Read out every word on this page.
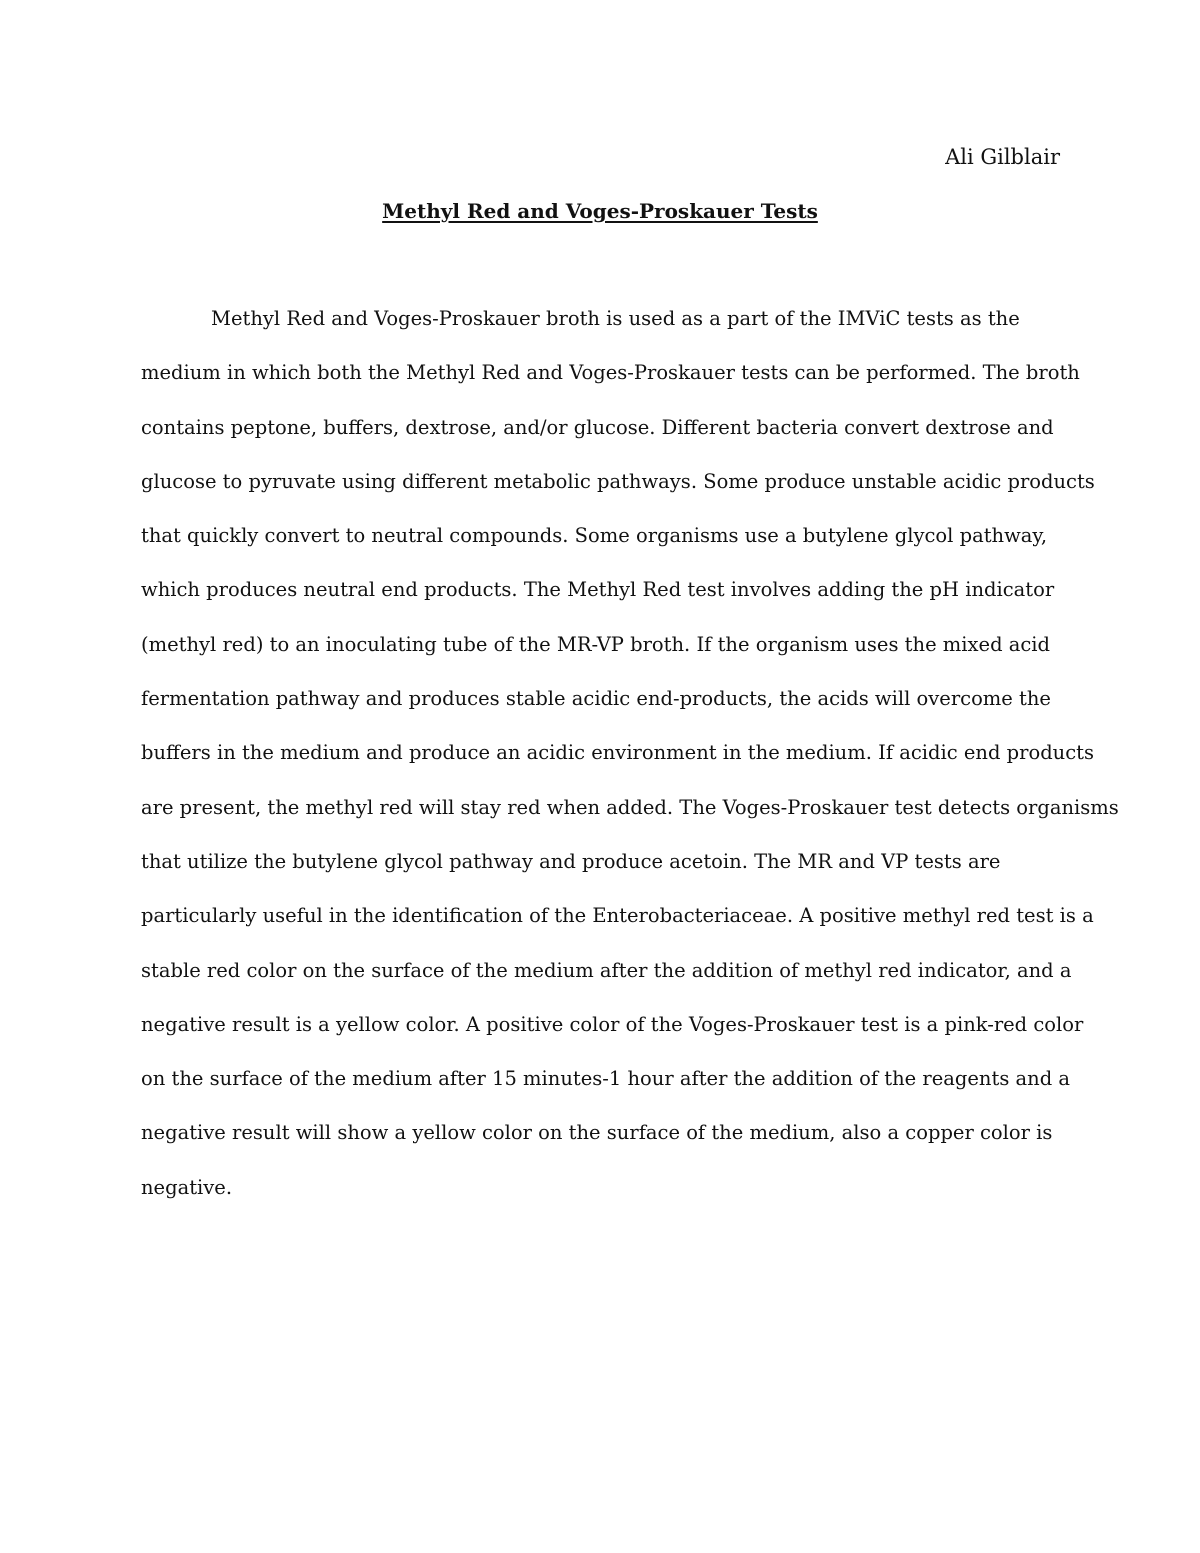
Ali Gilblair
Methyl Red and Voges-Proskauer Tests
Methyl Red and Voges-Proskauer broth is used as a part of the IMViC tests as the
medium in which both the Methyl Red and Voges-Proskauer tests can be performed. The broth
contains peptone, buffers, dextrose, and/or glucose. Different bacteria convert dextrose and
glucose to pyruvate using different metabolic pathways. Some produce unstable acidic products
that quickly convert to neutral compounds. Some organisms use a butylene glycol pathway,
which produces neutral end products. The Methyl Red test involves adding the pH indicator
(methyl red) to an inoculating tube of the MR-VP broth. If the organism uses the mixed acid
fermentation pathway and produces stable acidic end-products, the acids will overcome the
buffers in the medium and produce an acidic environment in the medium. If acidic end products
are present, the methyl red will stay red when added. The Voges-Proskauer test detects organisms
that utilize the butylene glycol pathway and produce acetoin. The MR and VP tests are
particularly useful in the identification of the Enterobacteriaceae. A positive methyl red test is a
stable red color on the surface of the medium after the addition of methyl red indicator, and a
negative result is a yellow color. A positive color of the Voges-Proskauer test is a pink-red color
on the surface of the medium after 15 minutes-1 hour after the addition of the reagents and a
negative result will show a yellow color on the surface of the medium, also a copper color is
negative.
